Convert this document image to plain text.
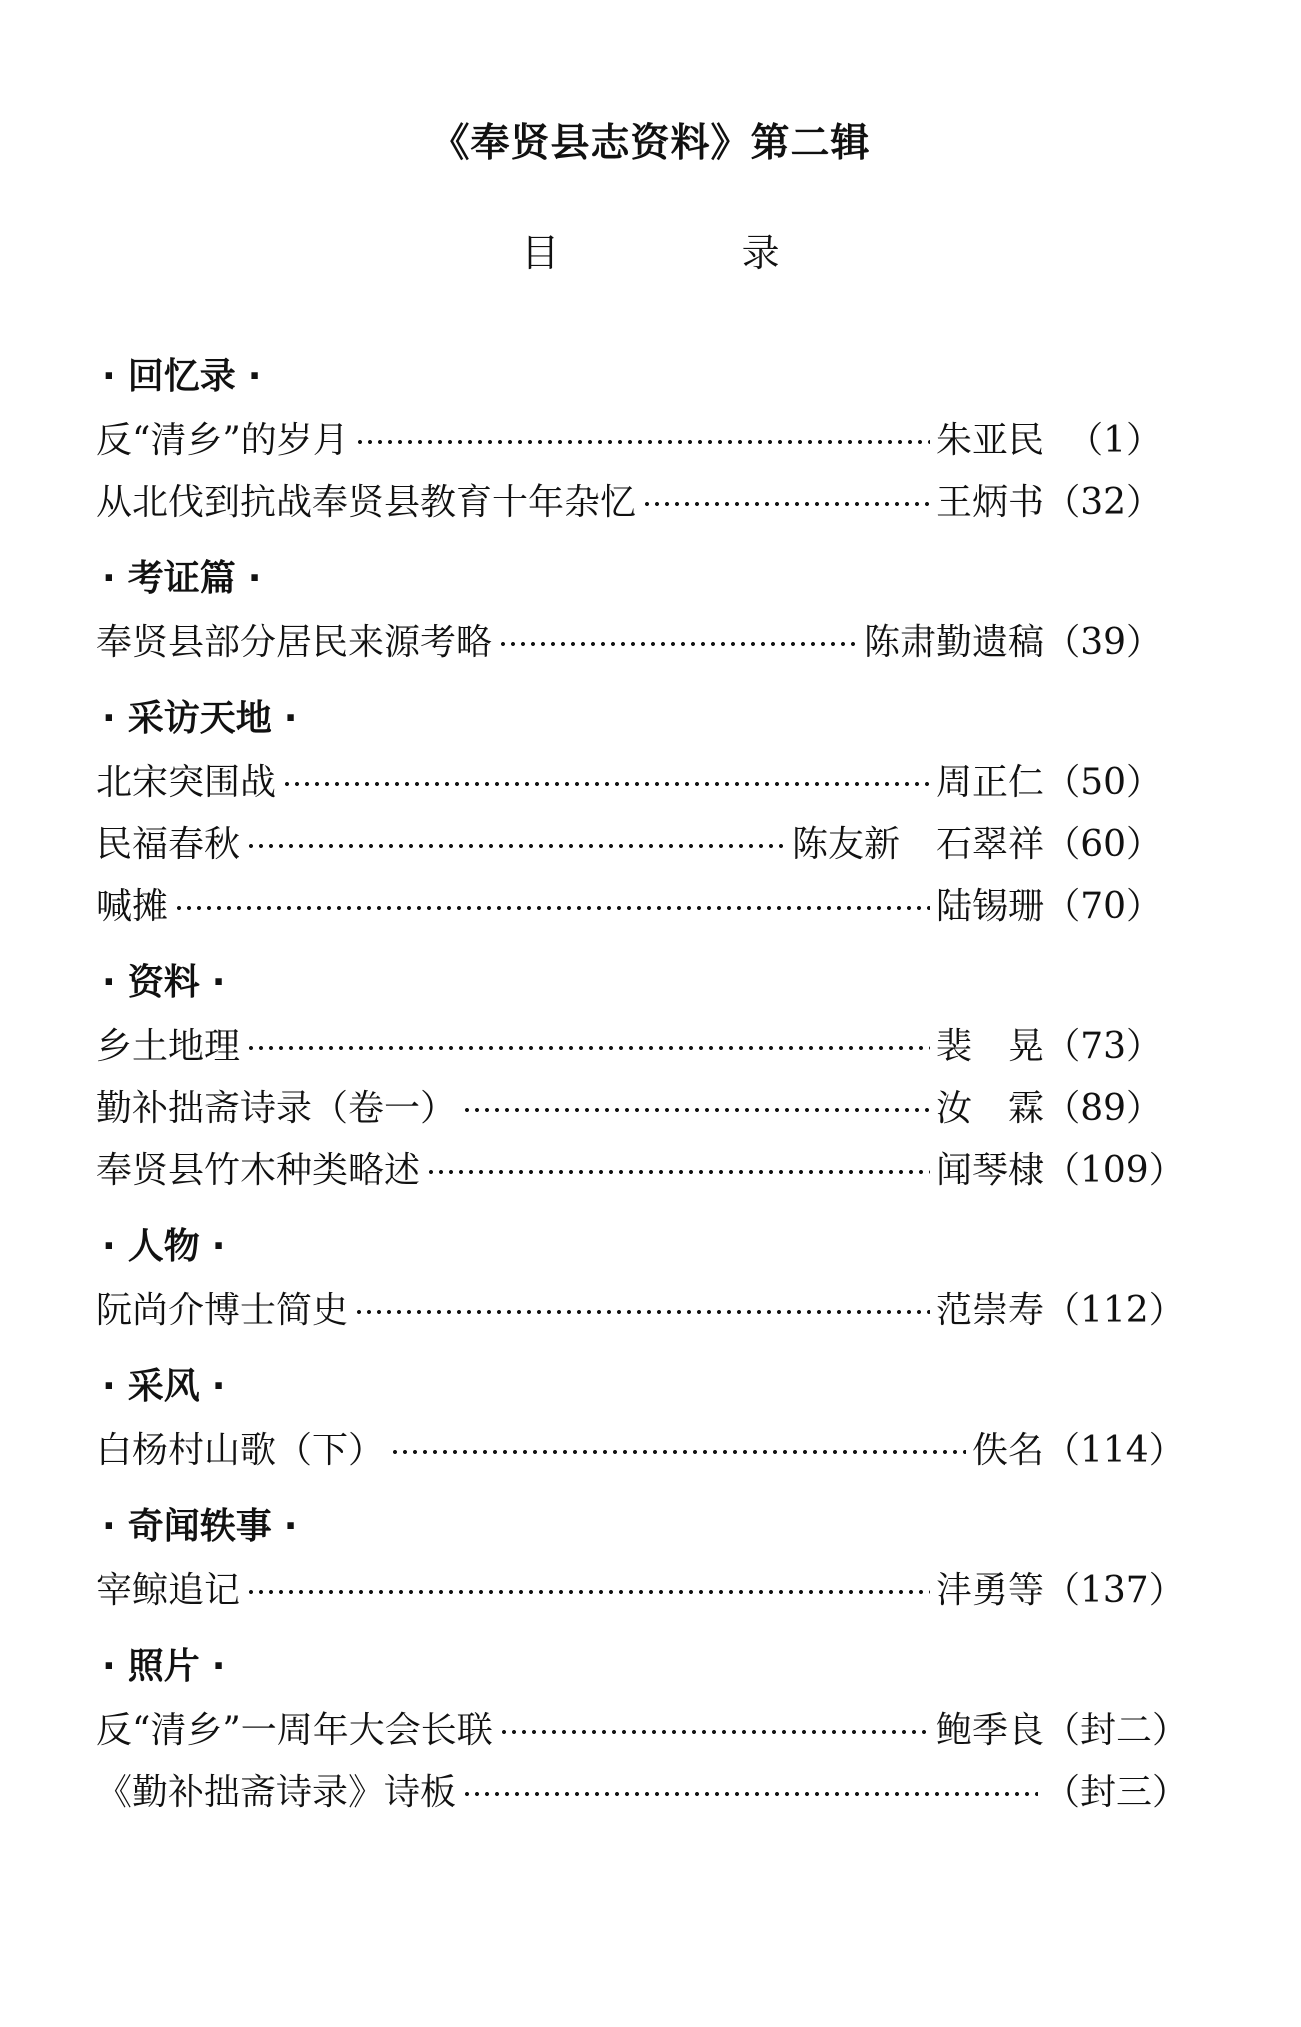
《奉贤县志资料》第二辑
目	录
· 回忆录 ·
反“清乡”的岁月	朱亚民 （1）
从北伐到抗战奉贤县教育十年杂忆	王炳书 （32）
· 考证篇 ·
奉贤县部分居民来源考略	陈肃勤遗稿 （39）
· 采访天地 ·
北宋突围战	周正仁 （50）
民福春秋	陈友新　石翠祥 （60）
喊摊	陆锡珊 （70）
· 资料 ·
乡土地理	裴　晃 （73）
勤补拙斋诗录（卷一）	汝　霖 （89）
奉贤县竹木种类略述	闻琴棣 （109）
· 人物 ·
阮尚介博士简史	范崇寿 （112）
· 采风 ·
白杨村山歌（下）	佚名 （114）
· 奇闻轶事 ·
宰鲸追记	沣勇等 （137）
· 照片 ·
反“清乡”一周年大会长联	鲍季良 （封二）
《勤补拙斋诗录》诗板	（封三）
